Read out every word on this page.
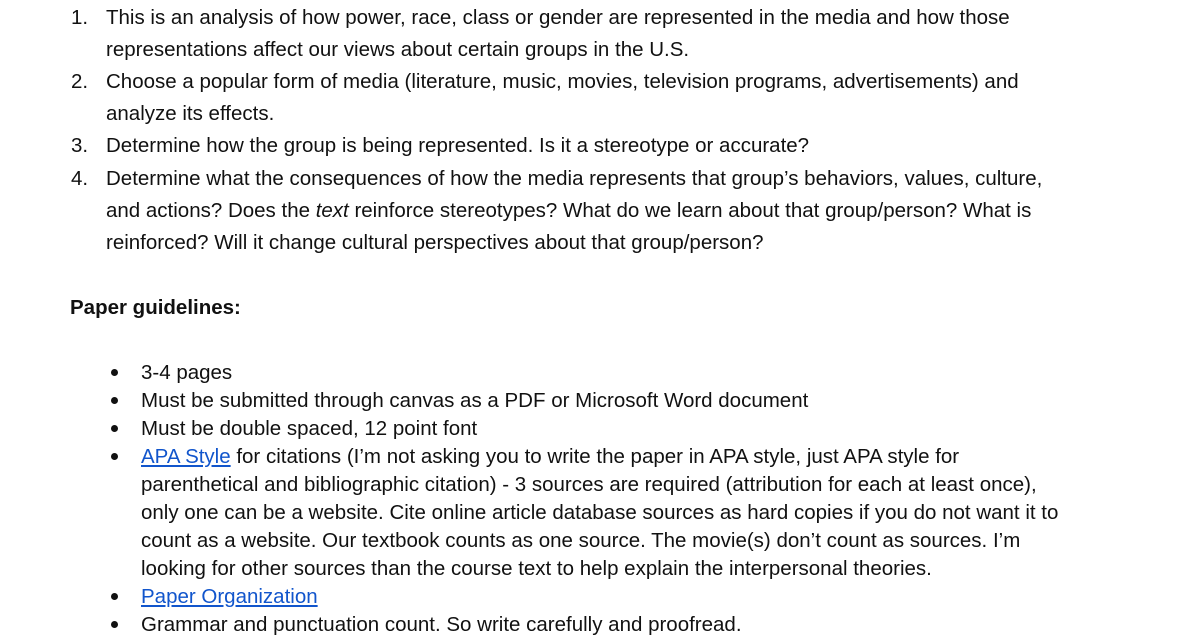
1. This is an analysis of how power, race, class or gender are represented in the media and how those
representations affect our views about certain groups in the U.S.
2. Choose a popular form of media (literature, music, movies, television programs, advertisements) and
analyze its effects.
3. Determine how the group is being represented. Is it a stereotype or accurate?
4. Determine what the consequences of how the media represents that group’s behaviors, values, culture,
and actions? Does the text reinforce stereotypes? What do we learn about that group/person? What is
reinforced? Will it change cultural perspectives about that group/person?
Paper guidelines:
3-4 pages
Must be submitted through canvas as a PDF or Microsoft Word document
Must be double spaced, 12 point font
APA Style for citations (I’m not asking you to write the paper in APA style, just APA style for
parenthetical and bibliographic citation) - 3 sources are required (attribution for each at least once),
only one can be a website. Cite online article database sources as hard copies if you do not want it to
count as a website. Our textbook counts as one source. The movie(s) don’t count as sources. I’m
looking for other sources than the course text to help explain the interpersonal theories.
Paper Organization
Grammar and punctuation count. So write carefully and proofread.
